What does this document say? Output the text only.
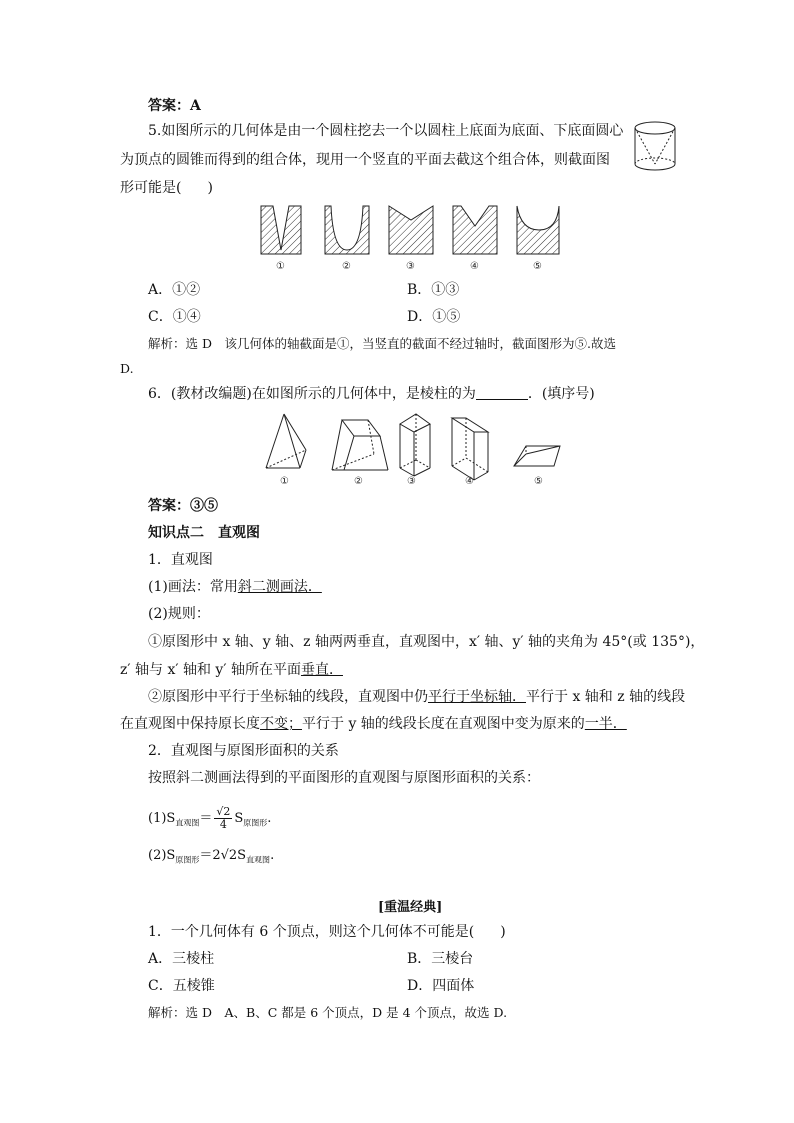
答案：A
5.如图所示的几何体是由一个圆柱挖去一个以圆柱上底面为底面、下底面圆心
为顶点的圆锥而得到的组合体，现用一个竖直的平面去截这个组合体，则截面图
形可能是( )
①	②	③	④	⑤
A．①②	B．①③
C．①④	D．①⑤
解析：选 D　该几何体的轴截面是①，当竖直的截面不经过轴时，截面图形为⑤.故选
D.
6．(教材改编题)在如图所示的几何体中，是棱柱的为	．(填序号)
①	②	③	④	⑤
答案：③⑤
知识点二　直观图
1．直观图
(1)画法：常用斜二测画法．
(2)规则：
①原图形中 x 轴、y 轴、z 轴两两垂直，直观图中，x′ 轴、y′ 轴的夹角为 45°(或 135°)，
z′ 轴与 x′ 轴和 y′ 轴所在平面垂直．
②原图形中平行于坐标轴的线段，直观图中仍平行于坐标轴．平行于 x 轴和 z 轴的线段
在直观图中保持原长度不变；平行于 y 轴的线段长度在直观图中变为原来的一半．
2．直观图与原图形面积的关系
按照斜二测画法得到的平面图形的直观图与原图形面积的关系：
$(1)S_{直观图}= \frac{√2}{4} S_{原图形}$.
$(2)S_{原图形}=2√2S_{直观图}$.
[重温经典]
1．一个几何体有 6 个顶点，则这个几何体不可能是( )
A．三棱柱	B．三棱台
C．五棱锥	D．四面体
解析：选 D　A、B、C 都是 6 个顶点，D 是 4 个顶点，故选 D.
